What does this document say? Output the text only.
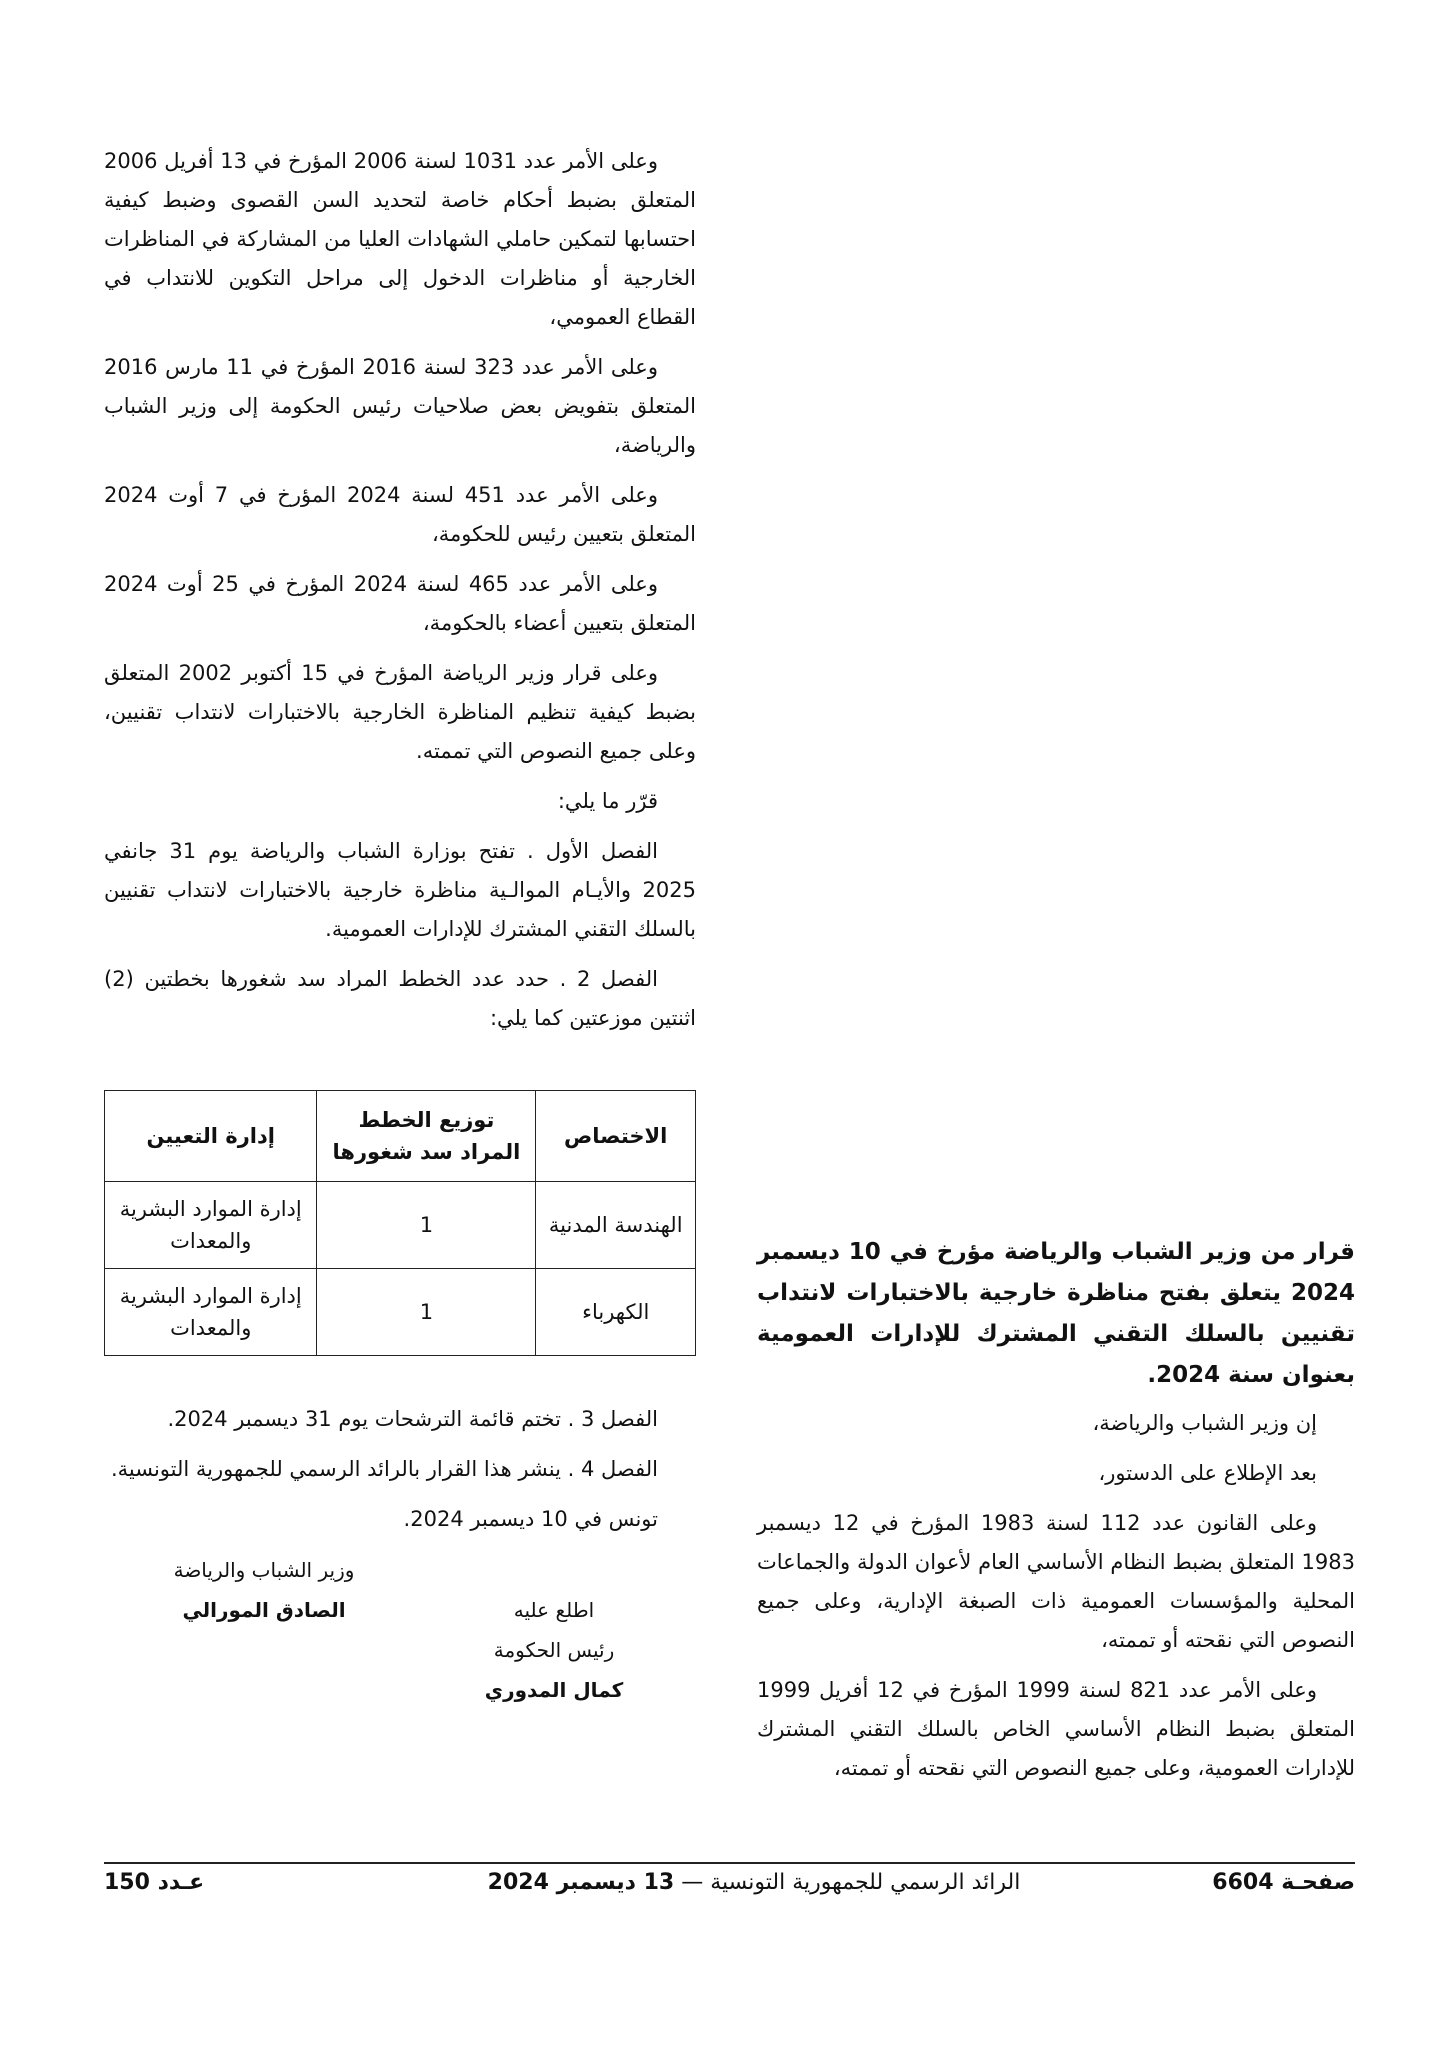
وعلى الأمر عدد 1031 لسنة 2006 المؤرخ في 13 أفريل 2006 المتعلق بضبط أحكام خاصة لتحديد السن القصوى وضبط كيفية احتسابها لتمكين حاملي الشهادات العليا من المشاركة في المناظرات الخارجية أو مناظرات الدخول إلى مراحل التكوين للانتداب في القطاع العمومي،

وعلى الأمر عدد 323 لسنة 2016 المؤرخ في 11 مارس 2016 المتعلق بتفويض بعض صلاحيات رئيس الحكومة إلى وزير الشباب والرياضة،

وعلى الأمر عدد 451 لسنة 2024 المؤرخ في 7 أوت 2024 المتعلق بتعيين رئيس للحكومة،

وعلى الأمر عدد 465 لسنة 2024 المؤرخ في 25 أوت 2024 المتعلق بتعيين أعضاء بالحكومة،

وعلى قرار وزير الرياضة المؤرخ في 15 أكتوبر 2002 المتعلق بضبط كيفية تنظيم المناظرة الخارجية بالاختبارات لانتداب تقنيين، وعلى جميع النصوص التي تممته.

قرّر ما يلي:

الفصل الأول . تفتح بوزارة الشباب والرياضة يوم 31 جانفي 2025 والأيـام الموالـية مناظرة خارجية بالاختبارات لانتداب تقنيين بالسلك التقني المشترك للإدارات العمومية.

الفصل 2 . حدد عدد الخطط المراد سد شغورها بخطتين (2) اثنتين موزعتين كما يلي:

الاختصاص	توزيع الخطط المراد سد شغورها	إدارة التعيين
الهندسة المدنية	1	إدارة الموارد البشرية والمعدات
الكهرباء	1	إدارة الموارد البشرية والمعدات

الفصل 3 . تختم قائمة الترشحات يوم 31 ديسمبر 2024.

الفصل 4 . ينشر هذا القرار بالرائد الرسمي للجمهورية التونسية.

تونس في 10 ديسمبر 2024.

وزير الشباب والرياضة
الصادق المورالي	اطلع عليه
رئيس الحكومة
كمال المدوري

قرار من وزير الشباب والرياضة مؤرخ في 10 ديسمبر 2024 يتعلق بفتح مناظرة خارجية بالاختبارات لانتداب تقنيين بالسلك التقني المشترك للإدارات العمومية بعنوان سنة 2024.

إن وزير الشباب والرياضة،

بعد الإطلاع على الدستور،

وعلى القانون عدد 112 لسنة 1983 المؤرخ في 12 ديسمبر 1983 المتعلق بضبط النظام الأساسي العام لأعوان الدولة والجماعات المحلية والمؤسسات العمومية ذات الصبغة الإدارية، وعلى جميع النصوص التي نقحته أو تممته،

وعلى الأمر عدد 821 لسنة 1999 المؤرخ في 12 أفريل 1999 المتعلق بضبط النظام الأساسي الخاص بالسلك التقني المشترك للإدارات العمومية، وعلى جميع النصوص التي نقحته أو تممته،

صفحـة 6604
الرائد الرسمي للجمهورية التونسية — 13 ديسمبر 2024
عـدد 150
